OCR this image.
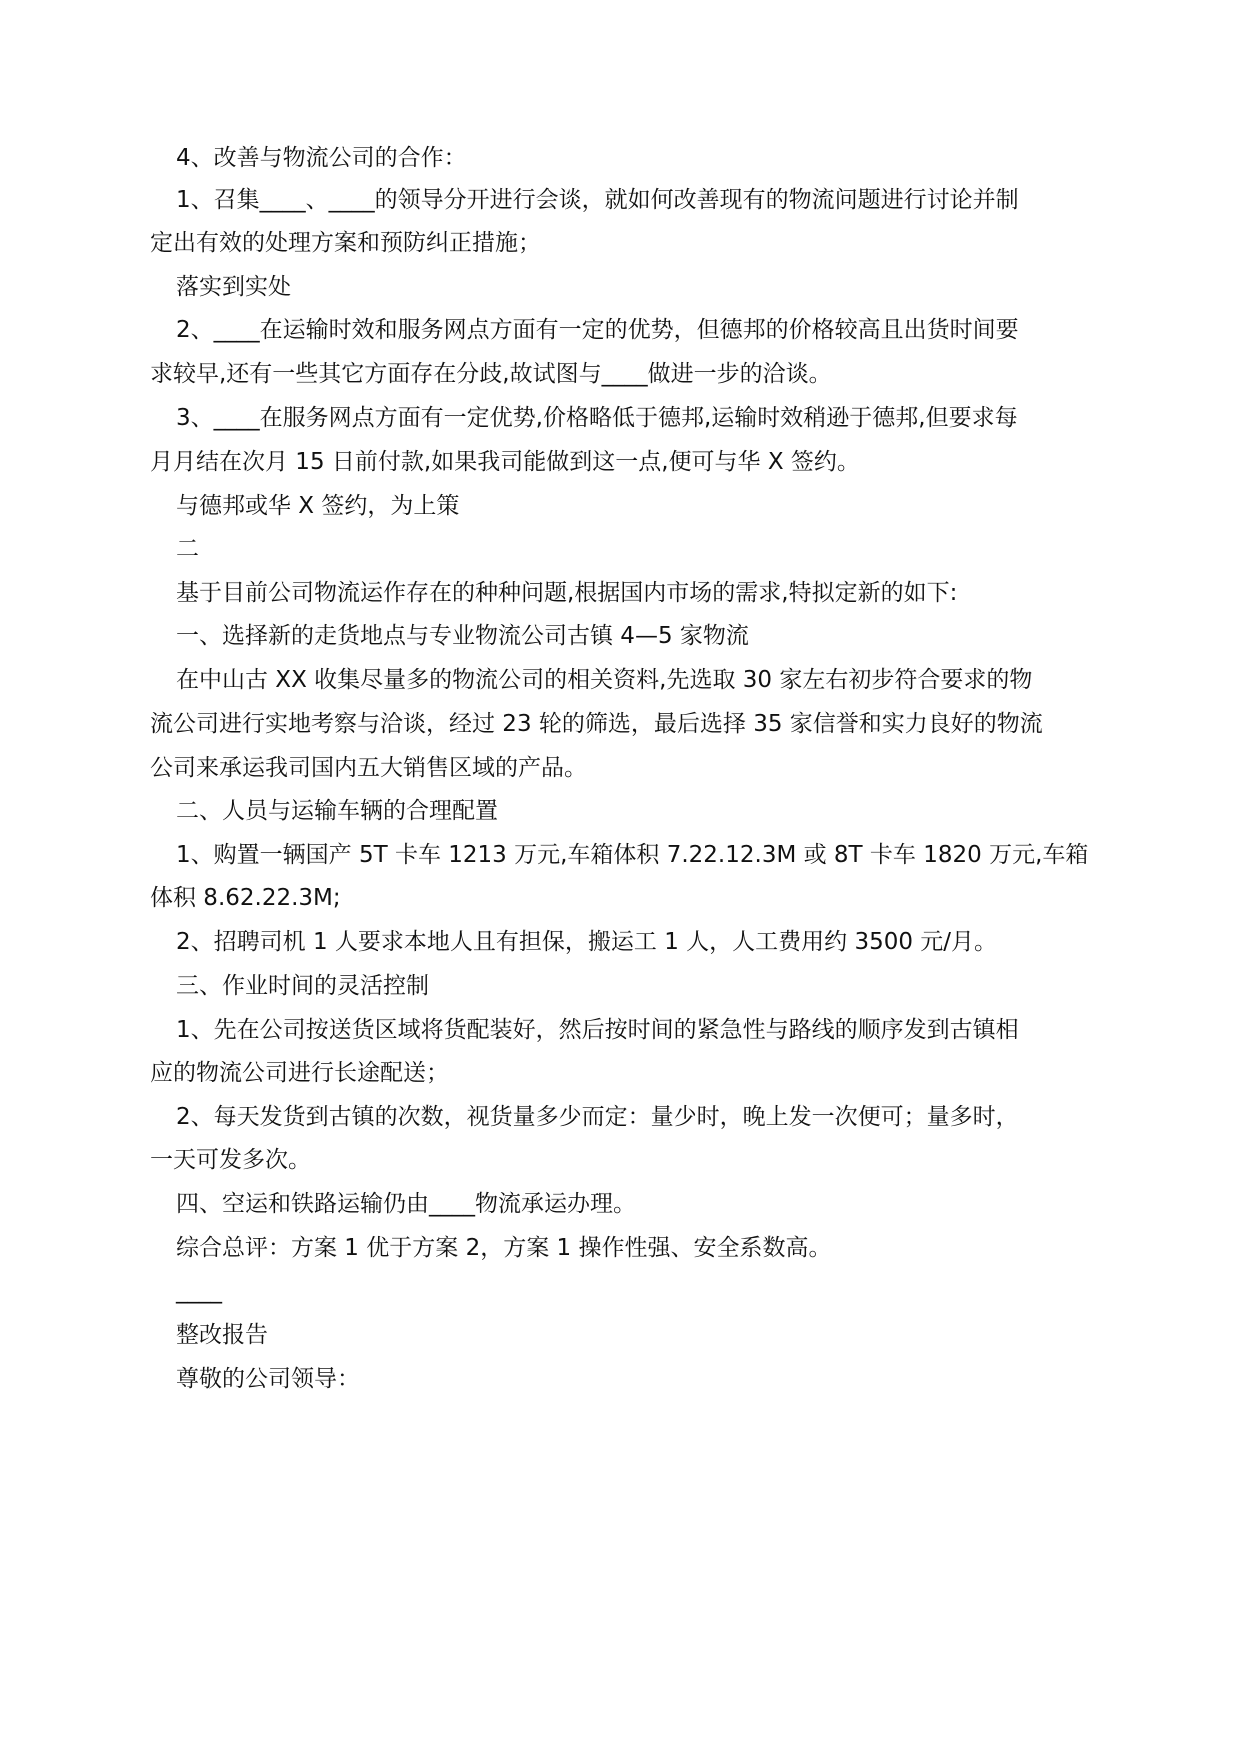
4、改善与物流公司的合作：
1、召集____、____的领导分开进行会谈，就如何改善现有的物流问题进行讨论并制
定出有效的处理方案和预防纠正措施；
落实到实处
2、____在运输时效和服务网点方面有一定的优势，但德邦的价格较高且出货时间要
求较早,还有一些其它方面存在分歧,故试图与____做进一步的洽谈。
3、____在服务网点方面有一定优势,价格略低于德邦,运输时效稍逊于德邦,但要求每
月月结在次月 15 日前付款,如果我司能做到这一点,便可与华 X 签约。
与德邦或华 X 签约，为上策
二
基于目前公司物流运作存在的种种问题,根据国内市场的需求,特拟定新的如下:
一、选择新的走货地点与专业物流公司古镇 4—5 家物流
在中山古 XX 收集尽量多的物流公司的相关资料,先选取 30 家左右初步符合要求的物
流公司进行实地考察与洽谈，经过 23 轮的筛选，最后选择 35 家信誉和实力良好的物流
公司来承运我司国内五大销售区域的产品。
二、人员与运输车辆的合理配置
1、购置一辆国产 5T 卡车 1213 万元,车箱体积 7.22.12.3M 或 8T 卡车 1820 万元,车箱
体积 8.62.22.3M;
2、招聘司机 1 人要求本地人且有担保，搬运工 1 人，人工费用约 3500 元/月。
三、作业时间的灵活控制
1、先在公司按送货区域将货配装好，然后按时间的紧急性与路线的顺序发到古镇相
应的物流公司进行长途配送；
2、每天发货到古镇的次数，视货量多少而定：量少时，晚上发一次便可；量多时，
一天可发多次。
四、空运和铁路运输仍由____物流承运办理。
综合总评：方案 1 优于方案 2，方案 1 操作性强、安全系数高。
____
整改报告
尊敬的公司领导：
